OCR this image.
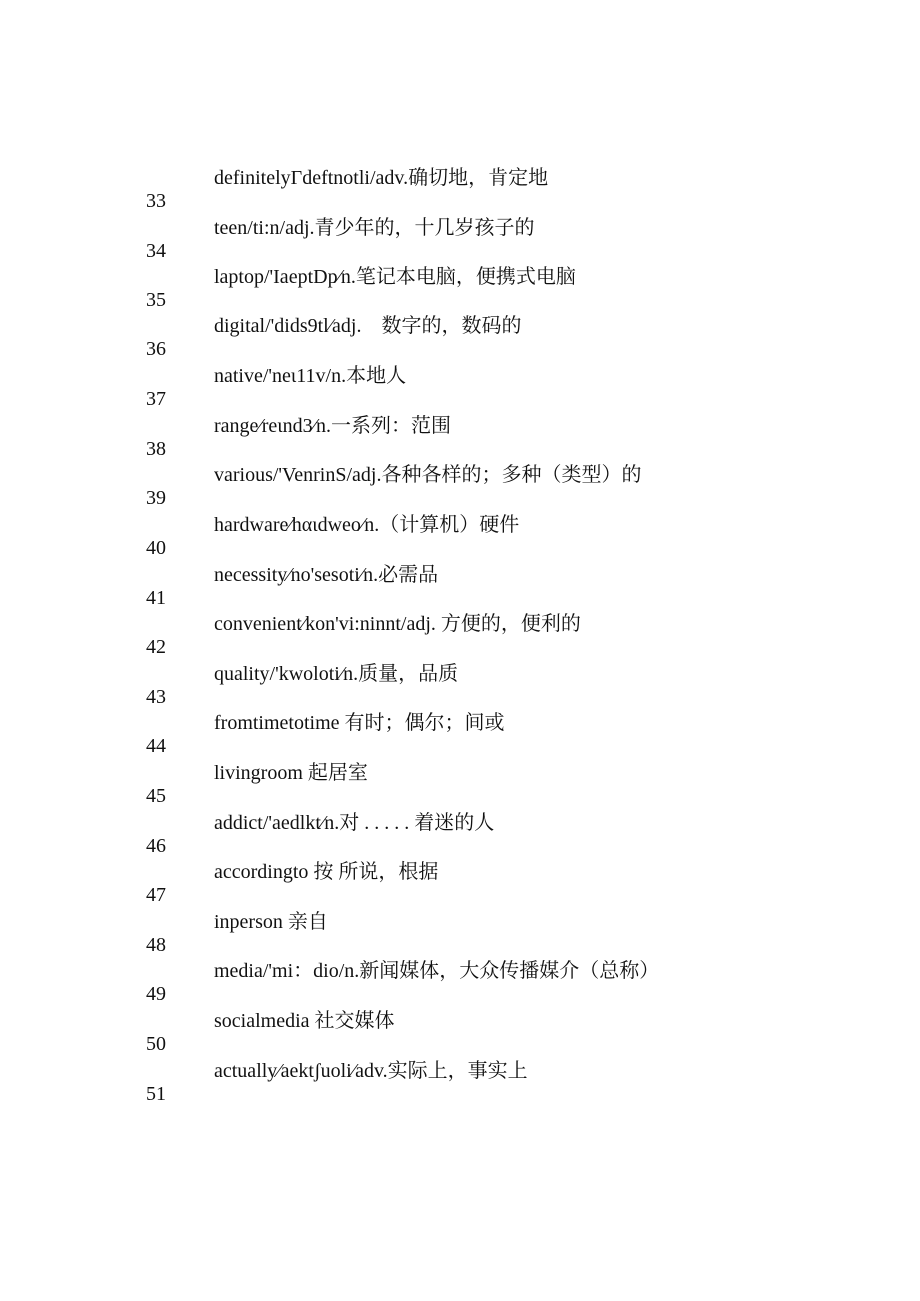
definitelyΓdeftnotli/adv.确切地，肯定地
33
teen/ti:n/adj.青少年的，十几岁孩子的
34
laptop/'IaeptDp⁄n.笔记本电脑，便携式电脑
35
digital/'dids9tl⁄adj.　数字的，数码的
36
native/'neι11v/n.本地人
37
range⁄reιnd3⁄n.一系列：范围
38
various/'VenrinS/adj.各种各样的；多种（类型）的
39
hardware⁄hαιdweo⁄n.（计算机）硬件
40
necessity⁄no'sesoti⁄n.必需品
41
convenient⁄kon'vi:ninnt/adj. 方便的，便利的
42
quality/'kwoloti⁄n.质量，品质
43
fromtimetotime 有时；偶尔；间或
44
livingroom 起居室
45
addict/'aedlkt⁄n.对 . . . . . 着迷的人
46
accordingto 按 所说，根据
47
inperson 亲自
48
media/'mi：dio/n.新闻媒体，大众传播媒介（总称）
49
socialmedia 社交媒体
50
actually⁄aektʃuoli⁄adv.实际上，事实上
51
